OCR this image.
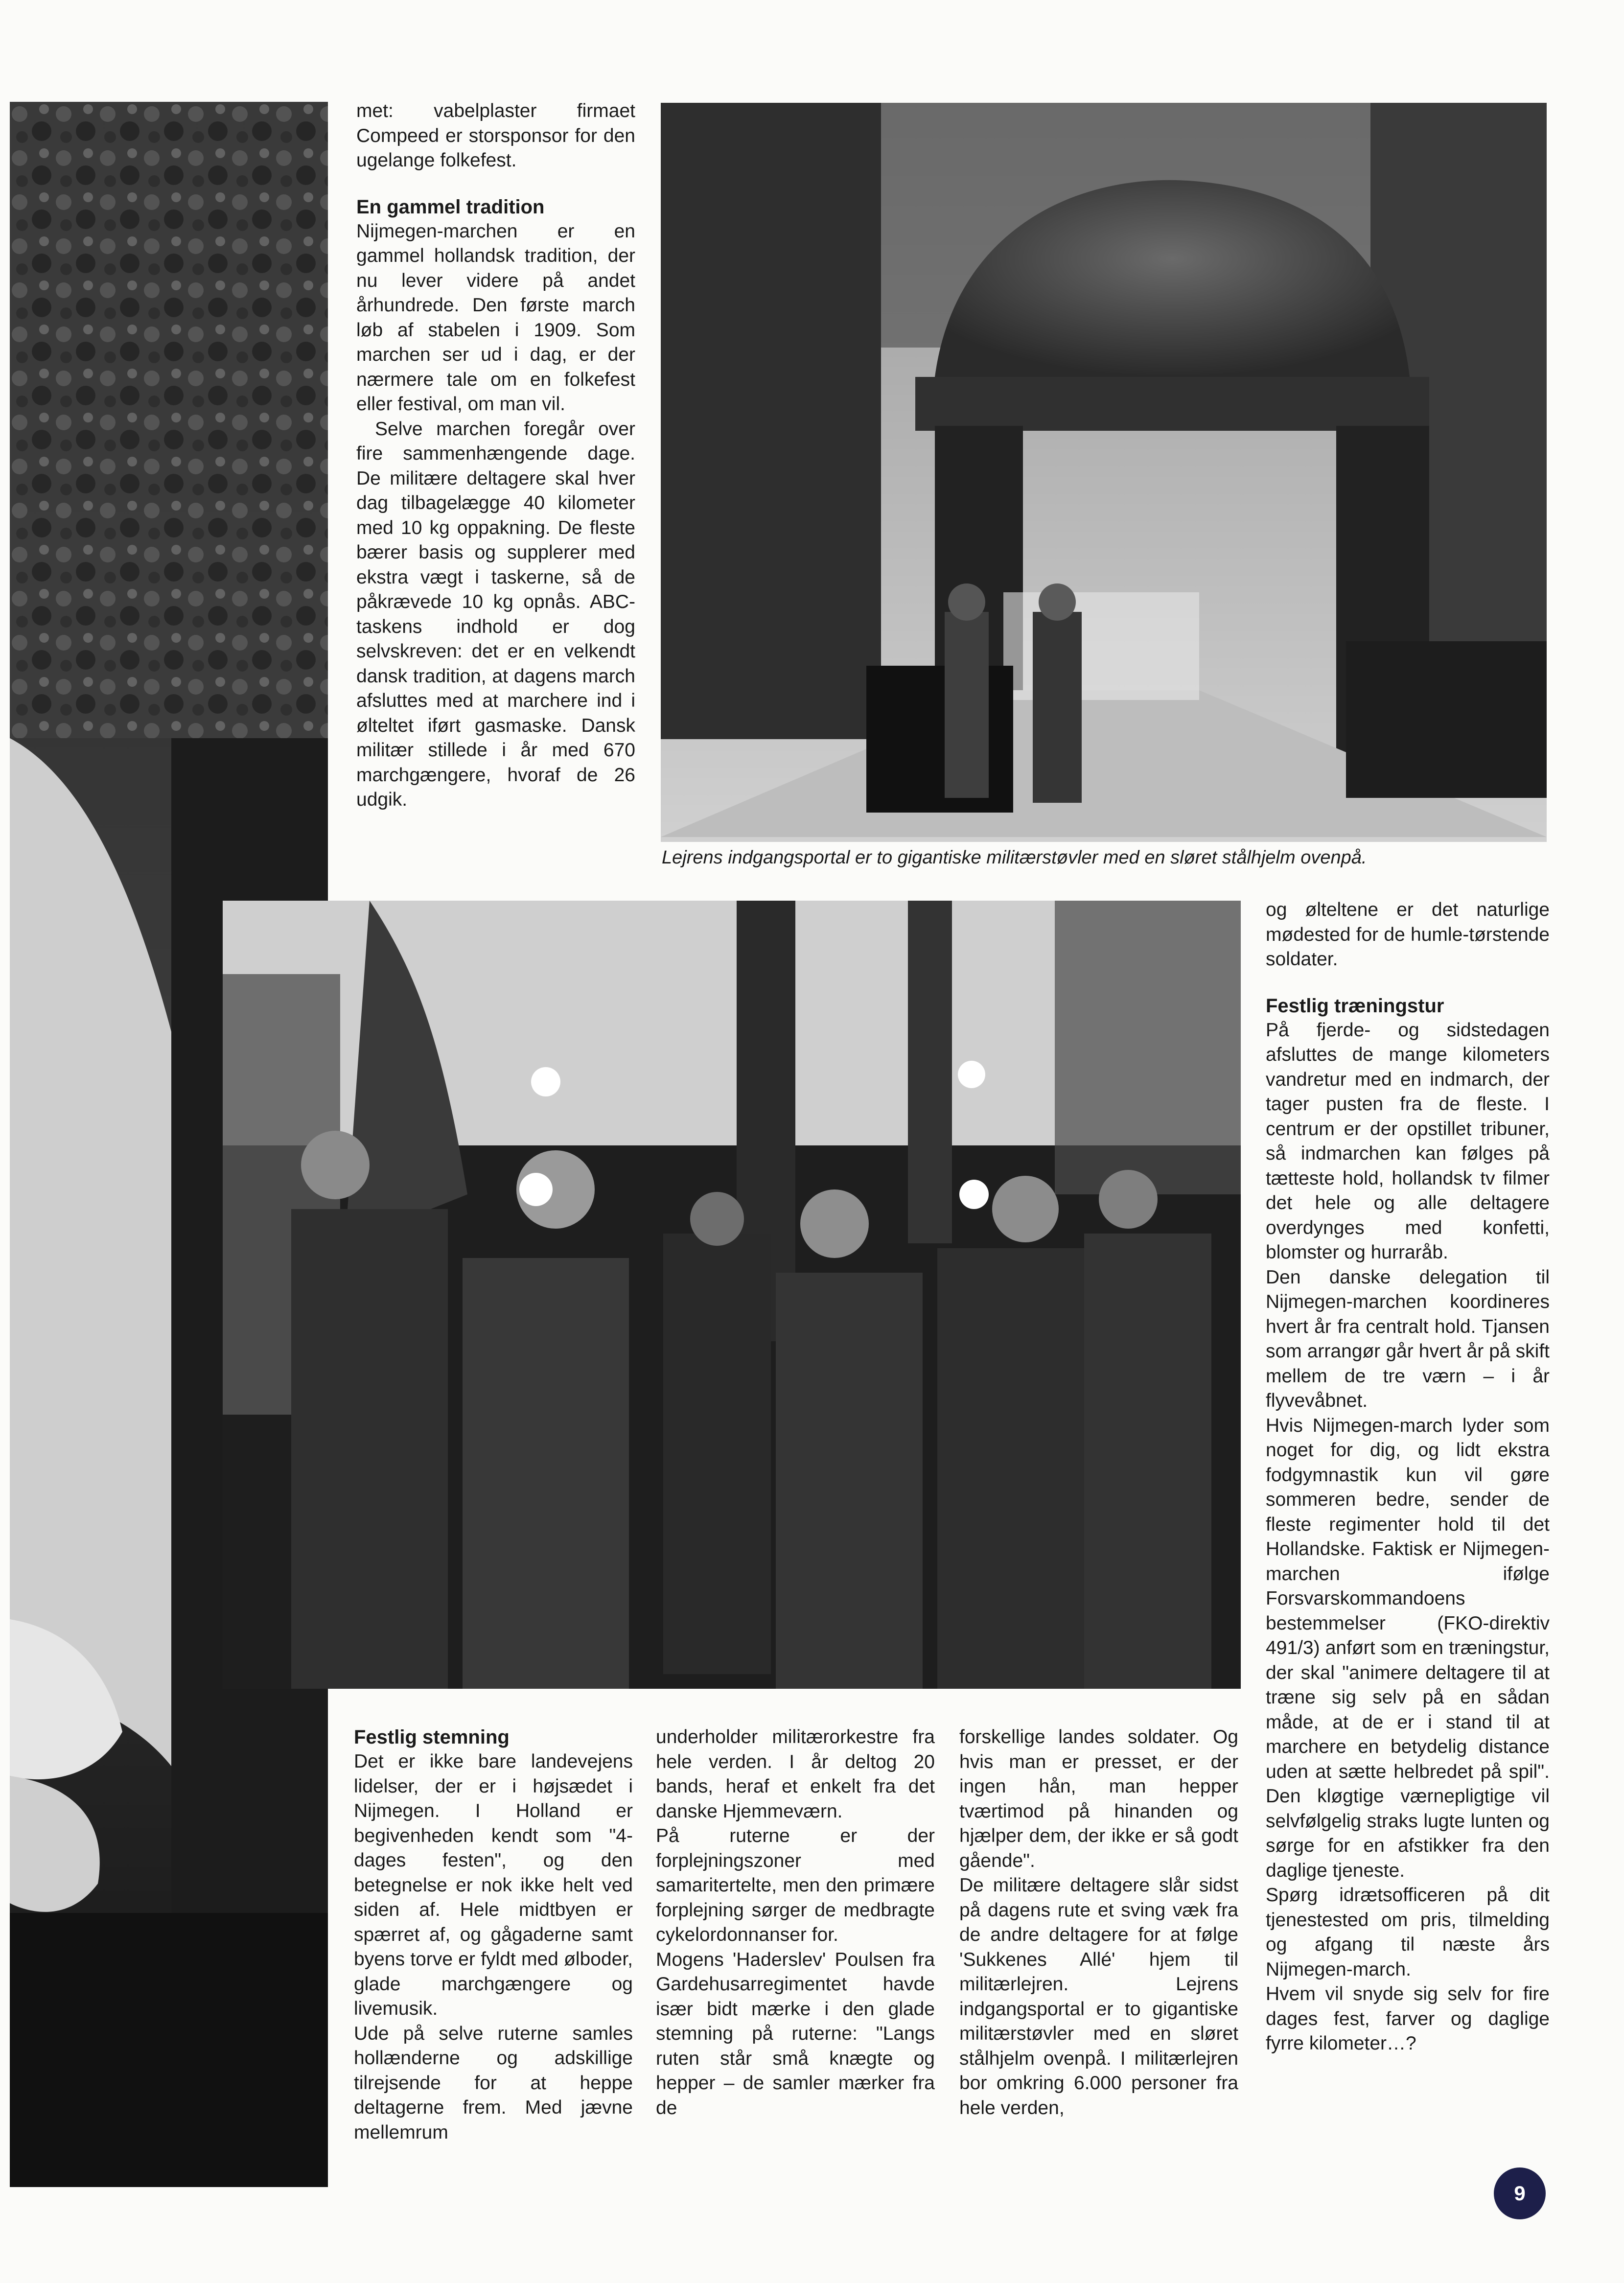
Lejrens indgangsportal er to gigantiske militærstøvler med en sløret stålhjelm ovenpå.

met: vabelplaster firmaet Compeed er storsponsor for den ugelange folkefest.

En gammel tradition

Nijmegen-marchen er en gammel hollandsk tradition, der nu lever videre på andet århundrede. Den første march løb af stabelen i 1909. Som marchen ser ud i dag, er der nærmere tale om en folkefest eller festival, om man vil.

Selve marchen foregår over fire sammenhængende dage. De militære deltagere skal hver dag tilbagelægge 40 kilometer med 10 kg oppakning. De fleste bærer basis og supplerer med ekstra vægt i taskerne, så de påkrævede 10 kg opnås. ABC-taskens indhold er dog selvskreven: det er en velkendt dansk tradition, at dagens march afsluttes med at marchere ind i ølteltet iført gasmaske. Dansk militær stillede i år med 670 marchgængere, hvoraf de 26 udgik.

og ølteltene er det naturlige mødested for de humle-tørstende soldater.

Festlig træningstur

På fjerde- og sidstedagen afsluttes de mange kilometers vandretur med en indmarch, der tager pusten fra de fleste. I centrum er der opstillet tribuner, så indmarchen kan følges på tætteste hold, hollandsk tv filmer det hele og alle deltagere overdynges med konfetti, blomster og hurraråb.

Den danske delegation til Nijmegen-marchen koordineres hvert år fra centralt hold. Tjansen som arrangør går hvert år på skift mellem de tre værn – i år flyvevåbnet.

Hvis Nijmegen-march lyder som noget for dig, og lidt ekstra fodgymnastik kun vil gøre sommeren bedre, sender de fleste regimenter hold til det Hollandske. Faktisk er Nijmegen-marchen ifølge Forsvarskommandoens bestemmelser (FKO-direktiv 491/3) anført som en træningstur, der skal "animere deltagere til at træne sig selv på en sådan måde, at de er i stand til at marchere en betydelig distance uden at sætte helbredet på spil". Den kløgtige værnepligtige vil selvfølgelig straks lugte lunten og sørge for en afstikker fra den daglige tjeneste.

Spørg idrætsofficeren på dit tjenestested om pris, tilmelding og afgang til næste års Nijmegen-march.

Hvem vil snyde sig selv for fire dages fest, farver og daglige fyrre kilometer…?

Festlig stemning

Det er ikke bare landevejens lidelser, der er i højsædet i Nijmegen. I Holland er begivenheden kendt som "4-dages festen", og den betegnelse er nok ikke helt ved siden af. Hele midtbyen er spærret af, og gågaderne samt byens torve er fyldt med ølboder, glade marchgængere og livemusik.

Ude på selve ruterne samles hollænderne og adskillige tilrejsende for at heppe deltagerne frem. Med jævne mellemrum

underholder militærorkestre fra hele verden. I år deltog 20 bands, heraf et enkelt fra det danske Hjemmeværn.

På ruterne er der forplejningszoner med samaritertelte, men den primære forplejning sørger de medbragte cykelordonnanser for.

Mogens 'Haderslev' Poulsen fra Gardehusarregimentet havde især bidt mærke i den glade stemning på ruterne: "Langs ruten står små knægte og hepper – de samler mærker fra de

forskellige landes soldater. Og hvis man er presset, er der ingen hån, man hepper tværtimod på hinanden og hjælper dem, der ikke er så godt gående".

De militære deltagere slår sidst på dagens rute et sving væk fra de andre deltagere for at følge 'Sukkenes Allé' hjem til militærlejren. Lejrens indgangsportal er to gigantiske militærstøvler med en sløret stålhjelm ovenpå. I militærlejren bor omkring 6.000 personer fra hele verden,

9
